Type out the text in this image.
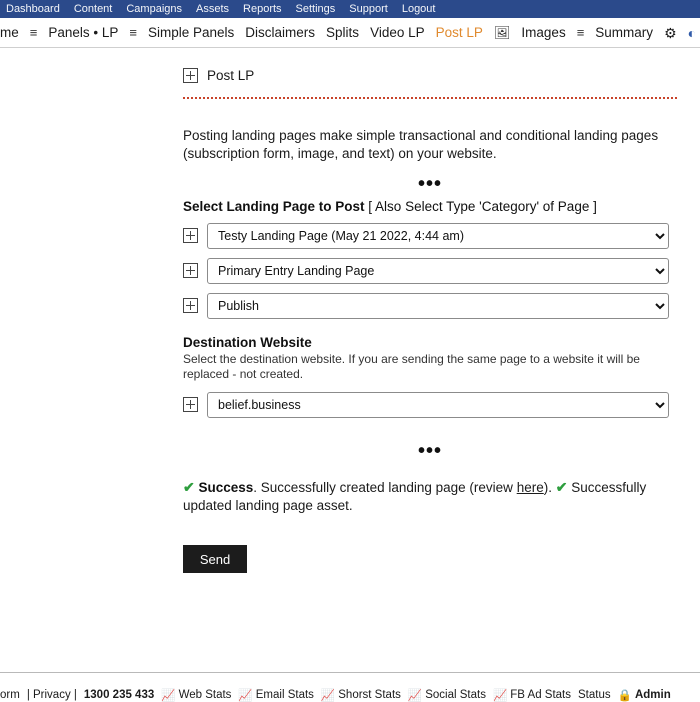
Dashboard Content Campaigns Assets Reports Settings Support Logout
me ≡ Panels • LP ≡ Simple Panels Disclaimers Splits Video LP Post LP 🖼 Images ≡ Summary ⚙ ◐
Post LP
Posting landing pages make simple transactional and conditional landing pages (subscription form, image, and text) on your website.
•••
Select Landing Page to Post [ Also Select Type 'Category' of Page ]
Testy Landing Page (May 21 2022, 4:44 am)
Primary Entry Landing Page
Publish
Destination Website
Select the destination website. If you are sending the same page to a website it will be replaced - not created.
belief.business
•••
✔ Success. Successfully created landing page (review here). ✔ Successfully updated landing page asset.
Send
orm | Privacy | 1300 235 433 📈 Web Stats 📈 Email Stats 📈 Shorst Stats 📈 Social Stats 📈 FB Ad Stats Status 🔒 Admin
